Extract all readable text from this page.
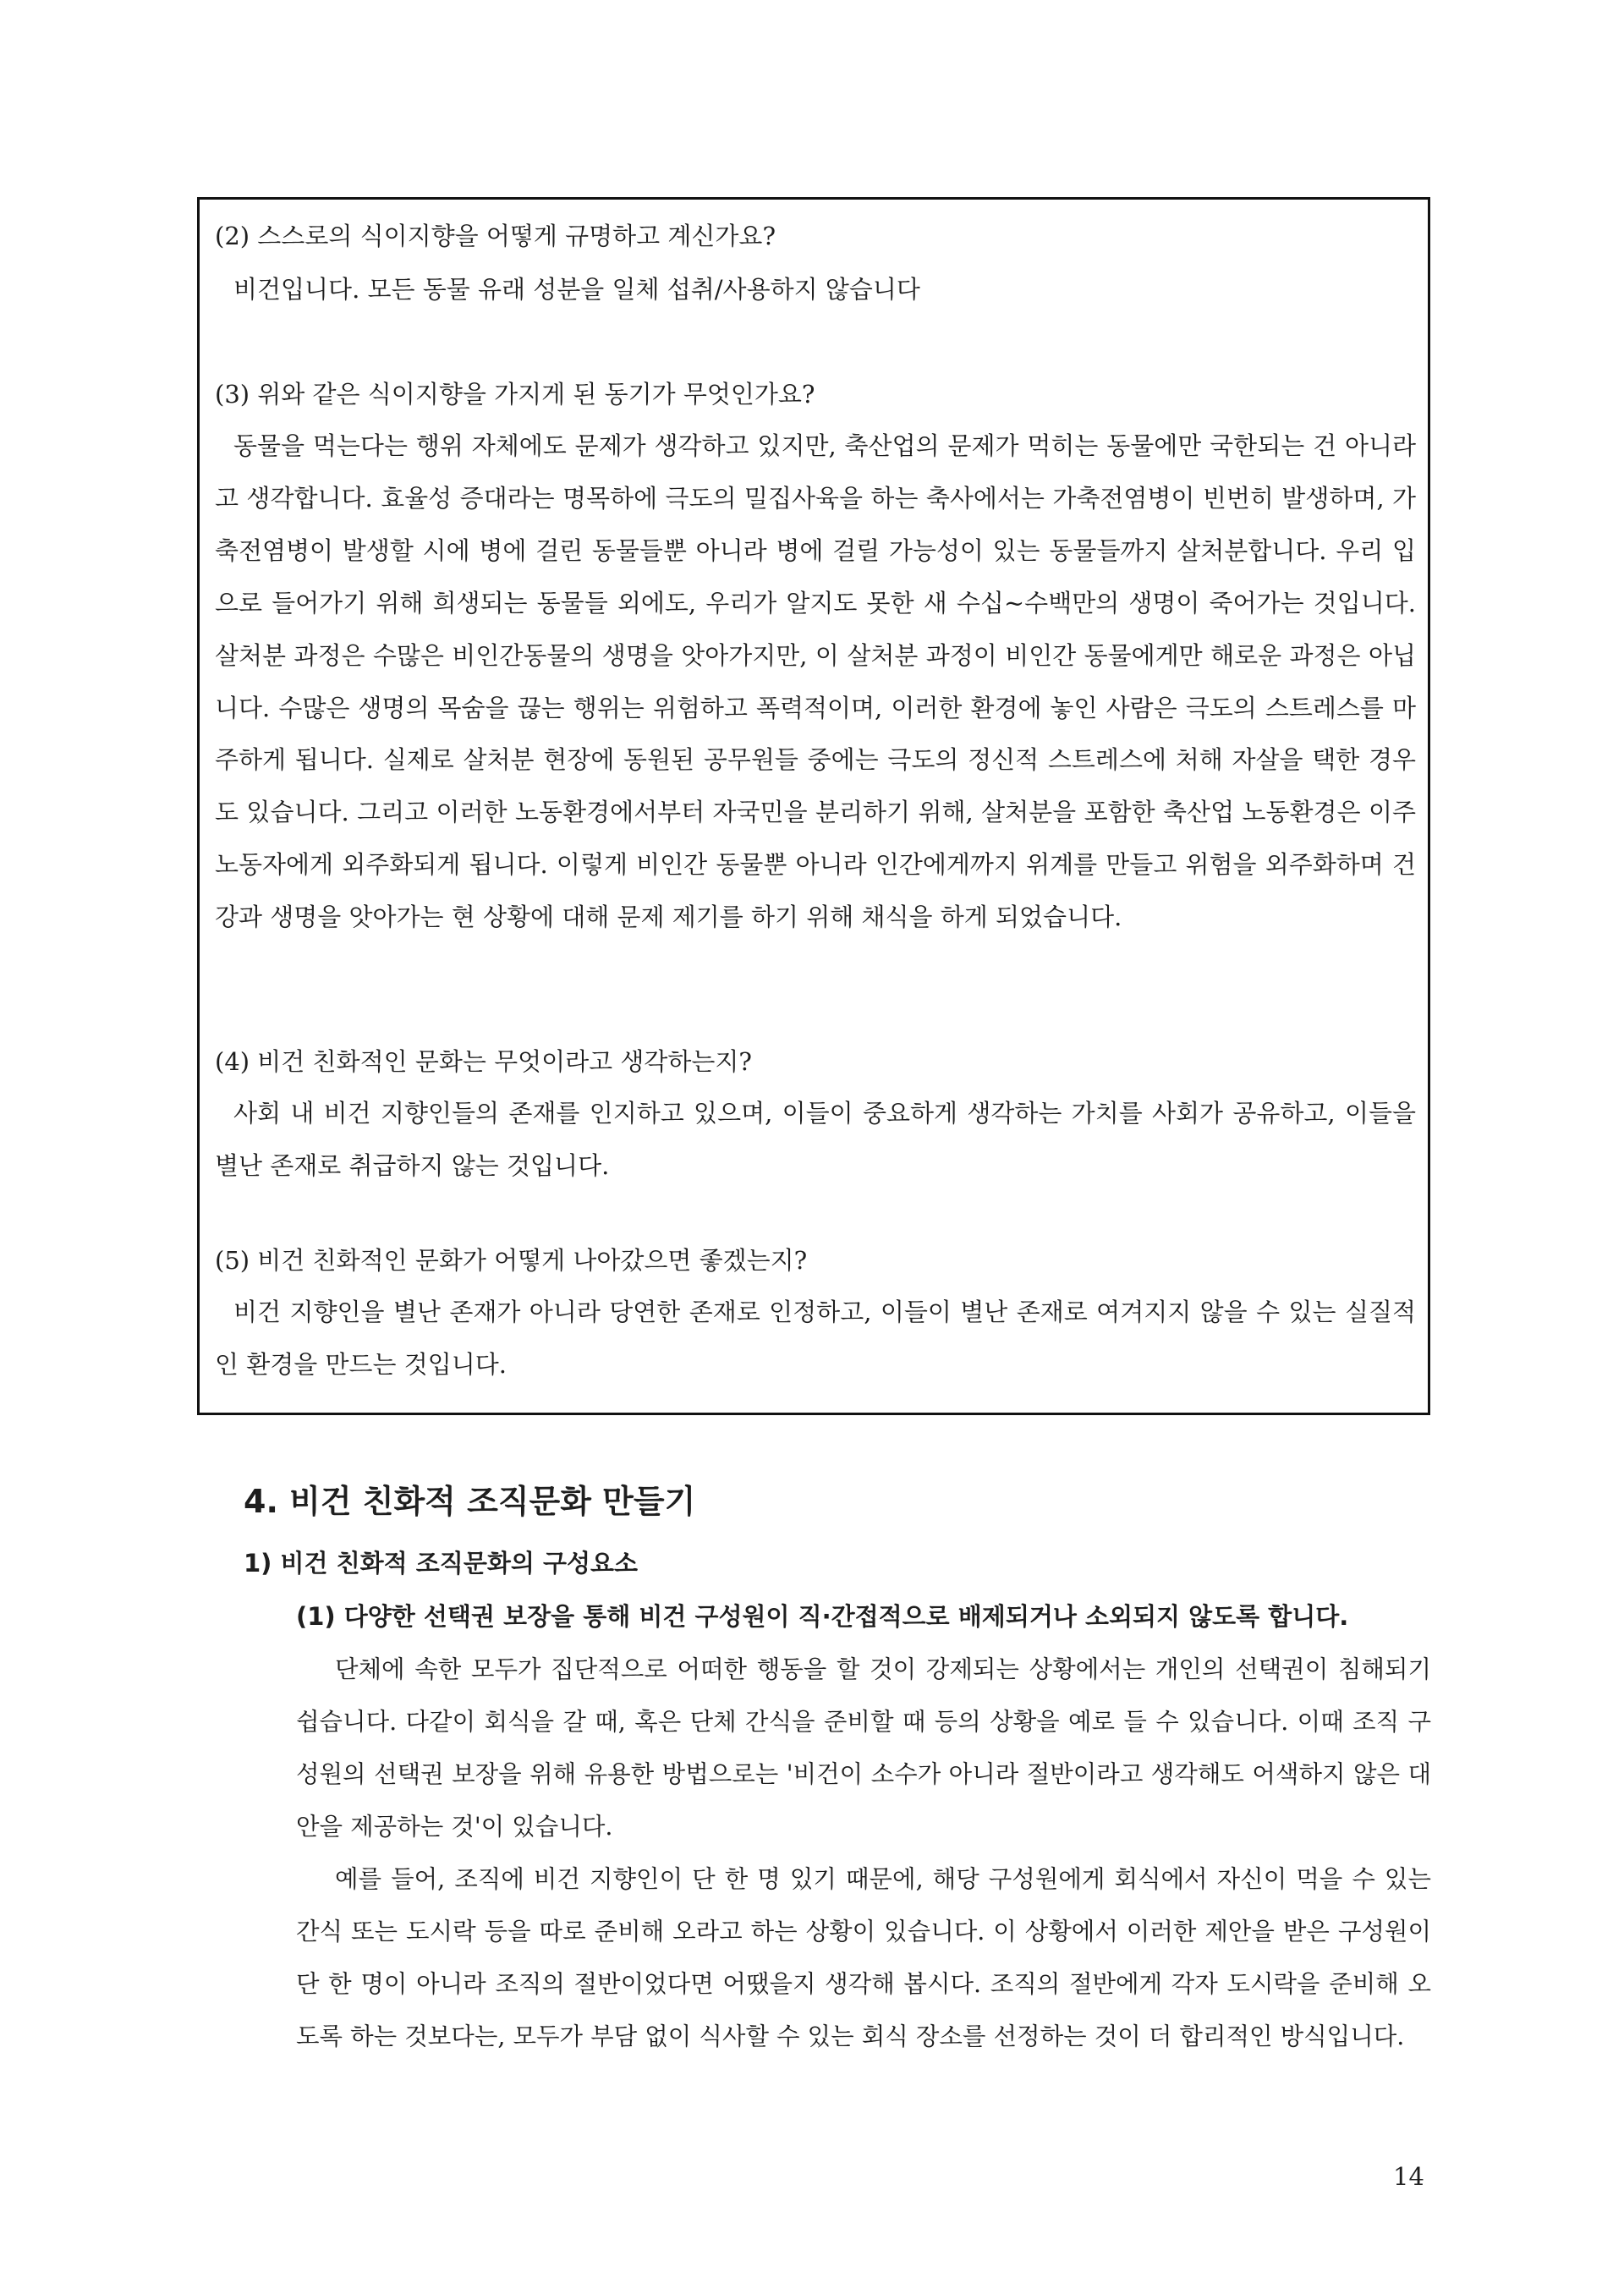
(2) 스스로의 식이지향을 어떻게 규명하고 계신가요?
비건입니다. 모든 동물 유래 성분을 일체 섭취/사용하지 않습니다
(3) 위와 같은 식이지향을 가지게 된 동기가 무엇인가요?

동물을 먹는다는 행위 자체에도 문제가 생각하고 있지만, 축산업의 문제가 먹히는 동물에만 국한되는 건 아니라고 생각합니다. 효율성 증대라는 명목하에 극도의 밀집사육을 하는 축사에서는 가축전염병이 빈번히 발생하며, 가축전염병이 발생할 시에 병에 걸린 동물들뿐 아니라 병에 걸릴 가능성이 있는 동물들까지 살처분합니다. 우리 입으로 들어가기 위해 희생되는 동물들 외에도, 우리가 알지도 못한 새 수십~수백만의 생명이 죽어가는 것입니다. 살처분 과정은 수많은 비인간동물의 생명을 앗아가지만, 이 살처분 과정이 비인간 동물에게만 해로운 과정은 아닙니다. 수많은 생명의 목숨을 끊는 행위는 위험하고 폭력적이며, 이러한 환경에 놓인 사람은 극도의 스트레스를 마주하게 됩니다. 실제로 살처분 현장에 동원된 공무원들 중에는 극도의 정신적 스트레스에 처해 자살을 택한 경우도 있습니다. 그리고 이러한 노동환경에서부터 자국민을 분리하기 위해, 살처분을 포함한 축산업 노동환경은 이주노동자에게 외주화되게 됩니다. 이렇게 비인간 동물뿐 아니라 인간에게까지 위계를 만들고 위험을 외주화하며 건강과 생명을 앗아가는 현 상황에 대해 문제 제기를 하기 위해 채식을 하게 되었습니다.

(4) 비건 친화적인 문화는 무엇이라고 생각하는지?

사회 내 비건 지향인들의 존재를 인지하고 있으며, 이들이 중요하게 생각하는 가치를 사회가 공유하고, 이들을 별난 존재로 취급하지 않는 것입니다.

(5) 비건 친화적인 문화가 어떻게 나아갔으면 좋겠는지?

비건 지향인을 별난 존재가 아니라 당연한 존재로 인정하고, 이들이 별난 존재로 여겨지지 않을 수 있는 실질적인 환경을 만드는 것입니다.

4. 비건 친화적 조직문화 만들기
1) 비건 친화적 조직문화의 구성요소
(1) 다양한 선택권 보장을 통해 비건 구성원이 직·간접적으로 배제되거나 소외되지 않도록 합니다.

단체에 속한 모두가 집단적으로 어떠한 행동을 할 것이 강제되는 상황에서는 개인의 선택권이 침해되기 쉽습니다. 다같이 회식을 갈 때, 혹은 단체 간식을 준비할 때 등의 상황을 예로 들 수 있습니다. 이때 조직 구성원의 선택권 보장을 위해 유용한 방법으로는 '비건이 소수가 아니라 절반이라고 생각해도 어색하지 않은 대안을 제공하는 것'이 있습니다.

예를 들어, 조직에 비건 지향인이 단 한 명 있기 때문에, 해당 구성원에게 회식에서 자신이 먹을 수 있는 간식 또는 도시락 등을 따로 준비해 오라고 하는 상황이 있습니다. 이 상황에서 이러한 제안을 받은 구성원이 단 한 명이 아니라 조직의 절반이었다면 어땠을지 생각해 봅시다. 조직의 절반에게 각자 도시락을 준비해 오도록 하는 것보다는, 모두가 부담 없이 식사할 수 있는 회식 장소를 선정하는 것이 더 합리적인 방식입니다.

14
